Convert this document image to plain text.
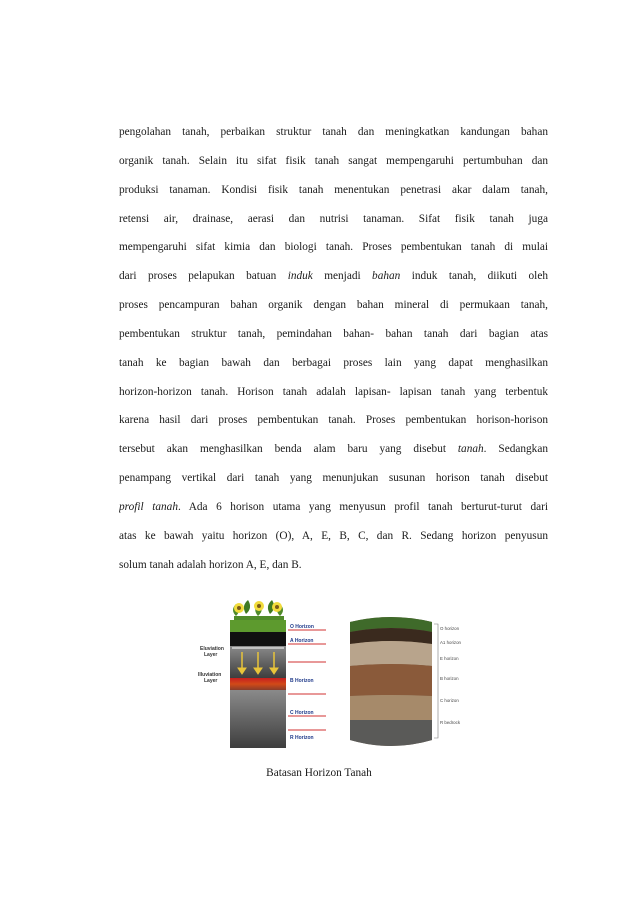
pengolahan tanah, perbaikan struktur tanah dan meningkatkan kandungan bahan
organik tanah. Selain itu sifat fisik tanah sangat mempengaruhi pertumbuhan dan
produksi tanaman. Kondisi fisik tanah menentukan penetrasi akar dalam tanah,
retensi air, drainase, aerasi dan nutrisi tanaman. Sifat fisik tanah juga
mempengaruhi sifat kimia dan biologi tanah. Proses pembentukan tanah di mulai
dari proses pelapukan batuan induk menjadi bahan induk tanah, diikuti oleh
proses pencampuran bahan organik dengan bahan mineral di permukaan tanah,
pembentukan struktur tanah, pemindahan bahan- bahan tanah dari bagian atas
tanah ke bagian bawah dan berbagai proses lain yang dapat menghasilkan
horizon-horizon tanah. Horison tanah adalah lapisan- lapisan tanah yang terbentuk
karena hasil dari proses pembentukan tanah. Proses pembentukan horison-horison
tersebut akan menghasilkan benda alam baru yang disebut tanah. Sedangkan
penampang vertikal dari tanah yang menunjukan susunan horison tanah disebut
profil tanah. Ada 6 horison utama yang menyusun profil tanah berturut-turut dari
atas ke bawah yaitu horizon (O), A, E, B, C, dan R. Sedang horizon penyusun
solum tanah adalah horizon A, E, dan B.

Eluviation
Layer
Illuviation
Layer
O Horizon
A Horizon
B Horizon
C Horizon
R Horizon
O horizon
A1 horizon
E horizon
B horizon
C horizon
R bedrock
Batasan Horizon Tanah
